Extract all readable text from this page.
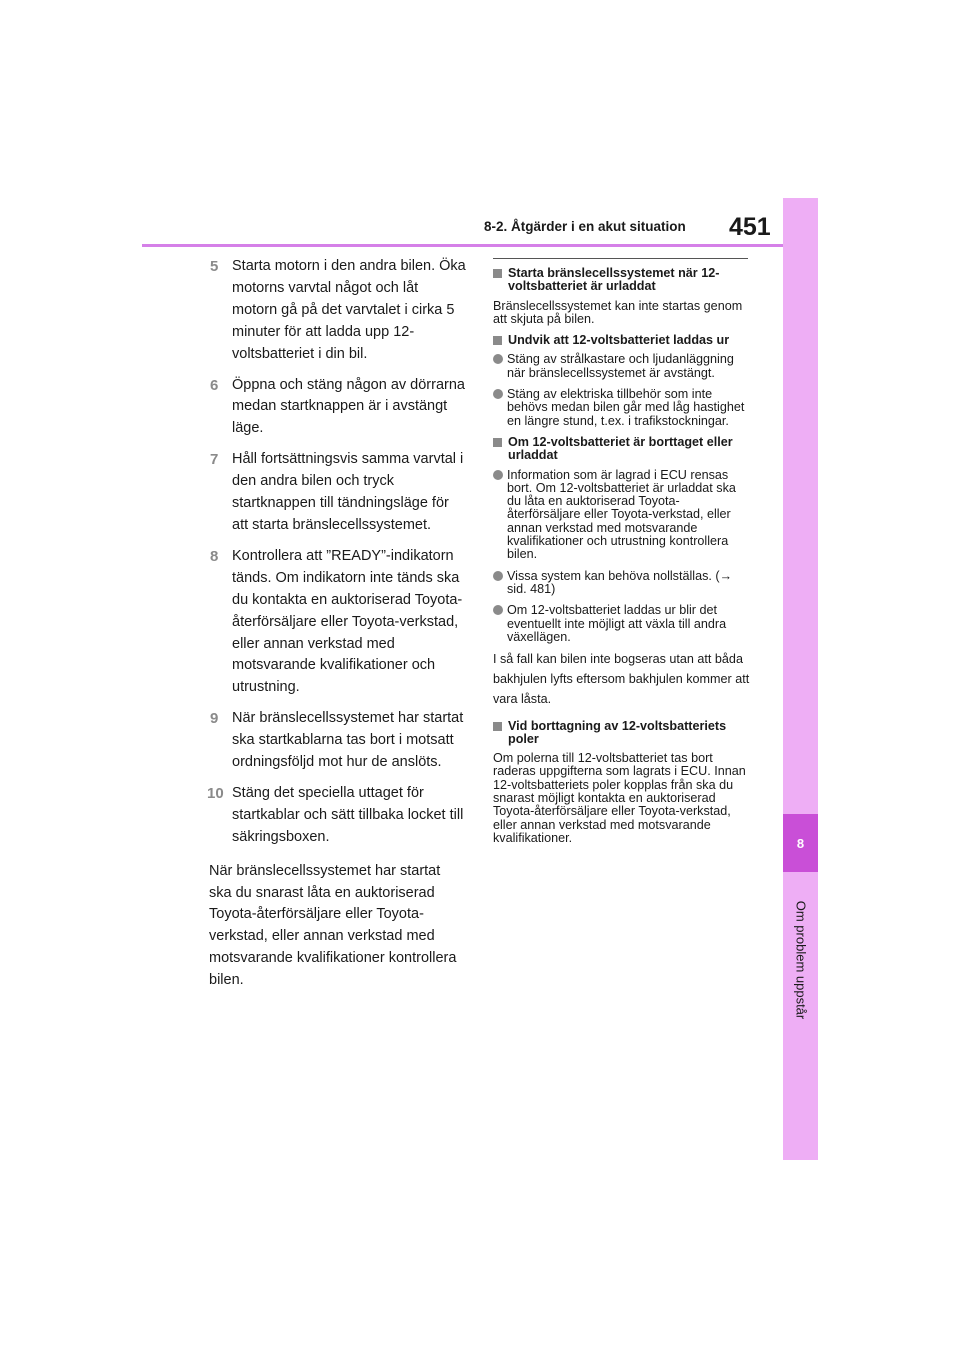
8-2. Åtgärder i en akut situation 451
8
Om problem uppstår
5 Starta motorn i den andra bilen. Öka motorns varvtal något och låt motorn gå på det varvtalet i cirka 5 minuter för att ladda upp 12-voltsbatteriet i din bil.
6 Öppna och stäng någon av dörrarna medan startknappen är i avstängt läge.
7 Håll fortsättningsvis samma varvtal i den andra bilen och tryck startknappen till tändningsläge för att starta bränslecellssystemet.
8 Kontrollera att ”READY”-indikatorn tänds. Om indikatorn inte tänds ska du kontakta en auktoriserad Toyota-återförsäljare eller Toyota-verkstad, eller annan verkstad med motsvarande kvalifikationer och utrustning.
9 När bränslecellssystemet har startat ska startkablarna tas bort i motsatt ordningsföljd mot hur de anslöts.
10 Stäng det speciella uttaget för startkablar och sätt tillbaka locket till säkringsboxen.
När bränslecellssystemet har startat ska du snarast låta en auktoriserad Toyota-återförsäljare eller Toyota-verkstad, eller annan verkstad med motsvarande kvalifikationer kontrollera bilen.
Starta bränslecellssystemet när 12-voltsbatteriet är urladdat
Bränslecellssystemet kan inte startas genom att skjuta på bilen.
Undvik att 12-voltsbatteriet laddas ur
Stäng av strålkastare och ljudanläggning när bränslecellssystemet är avstängt.
Stäng av elektriska tillbehör som inte behövs medan bilen går med låg hastighet en längre stund, t.ex. i trafikstockningar.
Om 12-voltsbatteriet är borttaget eller urladdat
Information som är lagrad i ECU rensas bort. Om 12-voltsbatteriet är urladdat ska du låta en auktoriserad Toyota-återförsäljare eller Toyota-verkstad, eller annan verkstad med motsvarande kvalifikationer och utrustning kontrollera bilen.
Vissa system kan behöva nollställas. (→ sid. 481)
Om 12-voltsbatteriet laddas ur blir det eventuellt inte möjligt att växla till andra växellägen.
I så fall kan bilen inte bogseras utan att båda bakhjulen lyfts eftersom bakhjulen kommer att vara låsta.
Vid borttagning av 12-voltsbatteriets poler
Om polerna till 12-voltsbatteriet tas bort raderas uppgifterna som lagrats i ECU. Innan 12-voltsbatteriets poler kopplas från ska du snarast möjligt kontakta en auktoriserad Toyota-återförsäljare eller Toyota-verkstad, eller annan verkstad med motsvarande kvalifikationer.
